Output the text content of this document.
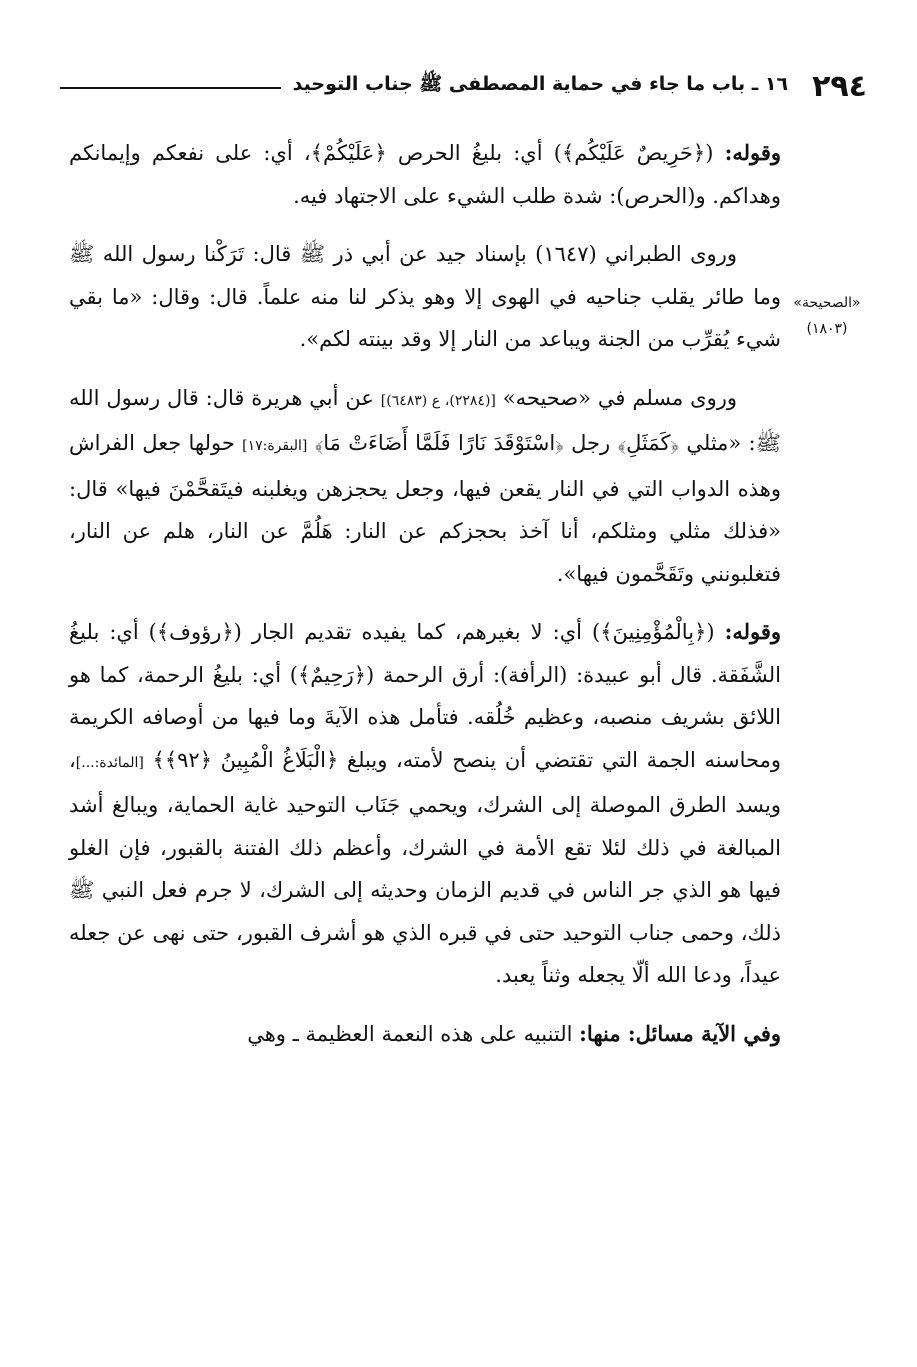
٢٩٤
١٦ ـ باب ما جاء في حماية المصطفى ﷺ جناب التوحيد
«الصحيحة»
(١٨٠٣)

وقوله: (﴿حَرِيصٌ عَلَيْكُم﴾) أي: بليغُ الحرص ﴿عَلَيْكُمْ﴾، أي: على نفعكم وإيمانكم وهداكم. و(الحرص): شدة طلب الشيء على الاجتهاد فيه.

وروى الطبراني (١٦٤٧) بإسناد جيد عن أبي ذر ﷺ قال: تَرَكْنا رسول الله ﷺ وما طائر يقلب جناحيه في الهوى إلا وهو يذكر لنا منه علماً. قال: وقال: «ما بقي شيء يُقرِّب من الجنة ويباعد من النار إلا وقد بينته لكم».

وروى مسلم في «صحيحه» [(٢٢٨٤)، ع (٦٤٨٣)] عن أبي هريرة قال: قال رسول الله ﷺ: «مثلي ﴿كَمَثَلِ﴾ رجل ﴿اسْتَوْقَدَ نَارًا فَلَمَّا أَضَاءَتْ مَا﴾ [البقرة:١٧] حولها جعل الفراش وهذه الدواب التي في النار يقعن فيها، وجعل يحجزهن ويغلبنه فيتَقحَّمْنَ فيها» قال: «فذلك مثلي ومثلكم، أنا آخذ بحجزكم عن النار: هَلُمَّ عن النار، هلم عن النار، فتغلبونني وتَقَحَّمون فيها».

وقوله: (﴿بِالْمُؤْمِنِينَ﴾) أي: لا بغيرهم، كما يفيده تقديم الجار (﴿رؤوف﴾) أي: بليغُ الشَّفَقة. قال أبو عبيدة: (الرأفة): أرق الرحمة (﴿رَحِيمٌ﴾) أي: بليغُ الرحمة، كما هو اللائق بشريف منصبه، وعظيم خُلُقه. فتأمل هذه الآيةَ وما فيها من أوصافه الكريمة ومحاسنه الجمة التي تقتضي أن ينصح لأمته، ويبلغ ﴿الْبَلَاغُ الْمُبِينُ ﴿٩٢﴾﴾ [المائدة:...]، ويسد الطرق الموصلة إلى الشرك، ويحمي جَنَاب التوحيد غاية الحماية، ويبالغ أشد المبالغة في ذلك لئلا تقع الأمة في الشرك، وأعظم ذلك الفتنة بالقبور، فإن الغلو فيها هو الذي جر الناس في قديم الزمان وحديثه إلى الشرك، لا جرم فعل النبي ﷺ ذلك، وحمى جناب التوحيد حتى في قبره الذي هو أشرف القبور، حتى نهى عن جعله عيداً، ودعا الله ألّا يجعله وثناً يعبد.

وفي الآية مسائل: منها: التنبيه على هذه النعمة العظيمة ـ وهي
